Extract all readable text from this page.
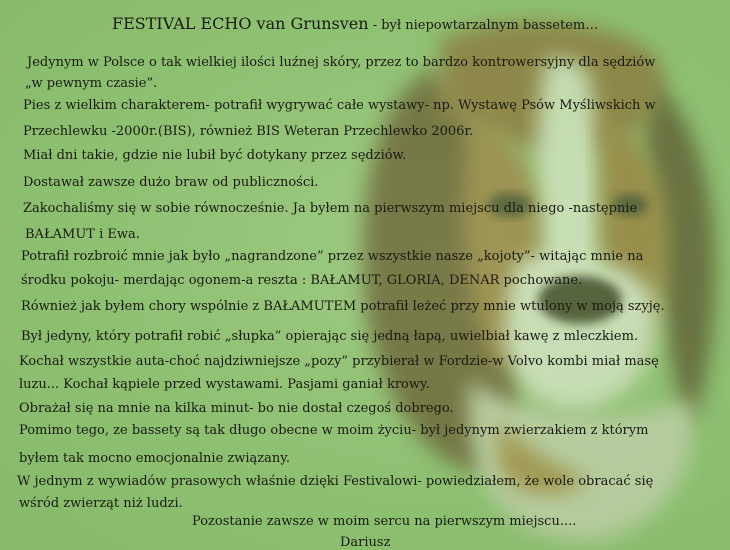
FESTIVAL ECHO van Grunsven - był niepowtarzalnym bassetem…
Jedynym w Polsce o tak wielkiej ilości luźnej skóry, przez to bardzo kontrowersyjny dla sędziów
„w pewnym czasie”.
Pies z wielkim charakterem- potrafił wygrywać całe wystawy- np. Wystawę Psów Myśliwskich w
Przechlewku -2000r.(BIS), również BIS Weteran Przechlewko 2006r.
Miał dni takie, gdzie nie lubił być dotykany przez sędziów.
Dostawał zawsze dużo braw od publiczności.
Zakochaliśmy się w sobie równocześnie. Ja byłem na pierwszym miejscu dla niego -następnie
BAŁAMUT i Ewa.
Potrafił rozbroić mnie jak było „nagrandzone” przez wszystkie nasze „kojoty”- witając mnie na
środku pokoju- merdając ogonem-a reszta : BAŁAMUT, GLORIA, DENAR pochowane.
Również jak byłem chory wspólnie z BAŁAMUTEM potrafił leżeć przy mnie wtulony w moją szyję.
Był jedyny, który potrafił robić „słupka” opierając się jedną łapą, uwielbiał kawę z mleczkiem.
Kochał wszystkie auta-choć najdziwniejsze „pozy” przybierał w Fordzie-w Volvo kombi miał masę
luzu... Kochał kąpiele przed wystawami. Pasjami ganiał krowy.
Obrażał się na mnie na kilka minut- bo nie dostał czegoś dobrego.
Pomimo tego, ze bassety są tak długo obecne w moim życiu- był jedynym zwierzakiem z którym
byłem tak mocno emocjonalnie związany.
W jednym z wywiadów prasowych właśnie dzięki Festivalowi- powiedziałem, że wole obracać się
wśród zwierząt niż ludzi.
Pozostanie zawsze w moim sercu na pierwszym miejscu....
Dariusz
